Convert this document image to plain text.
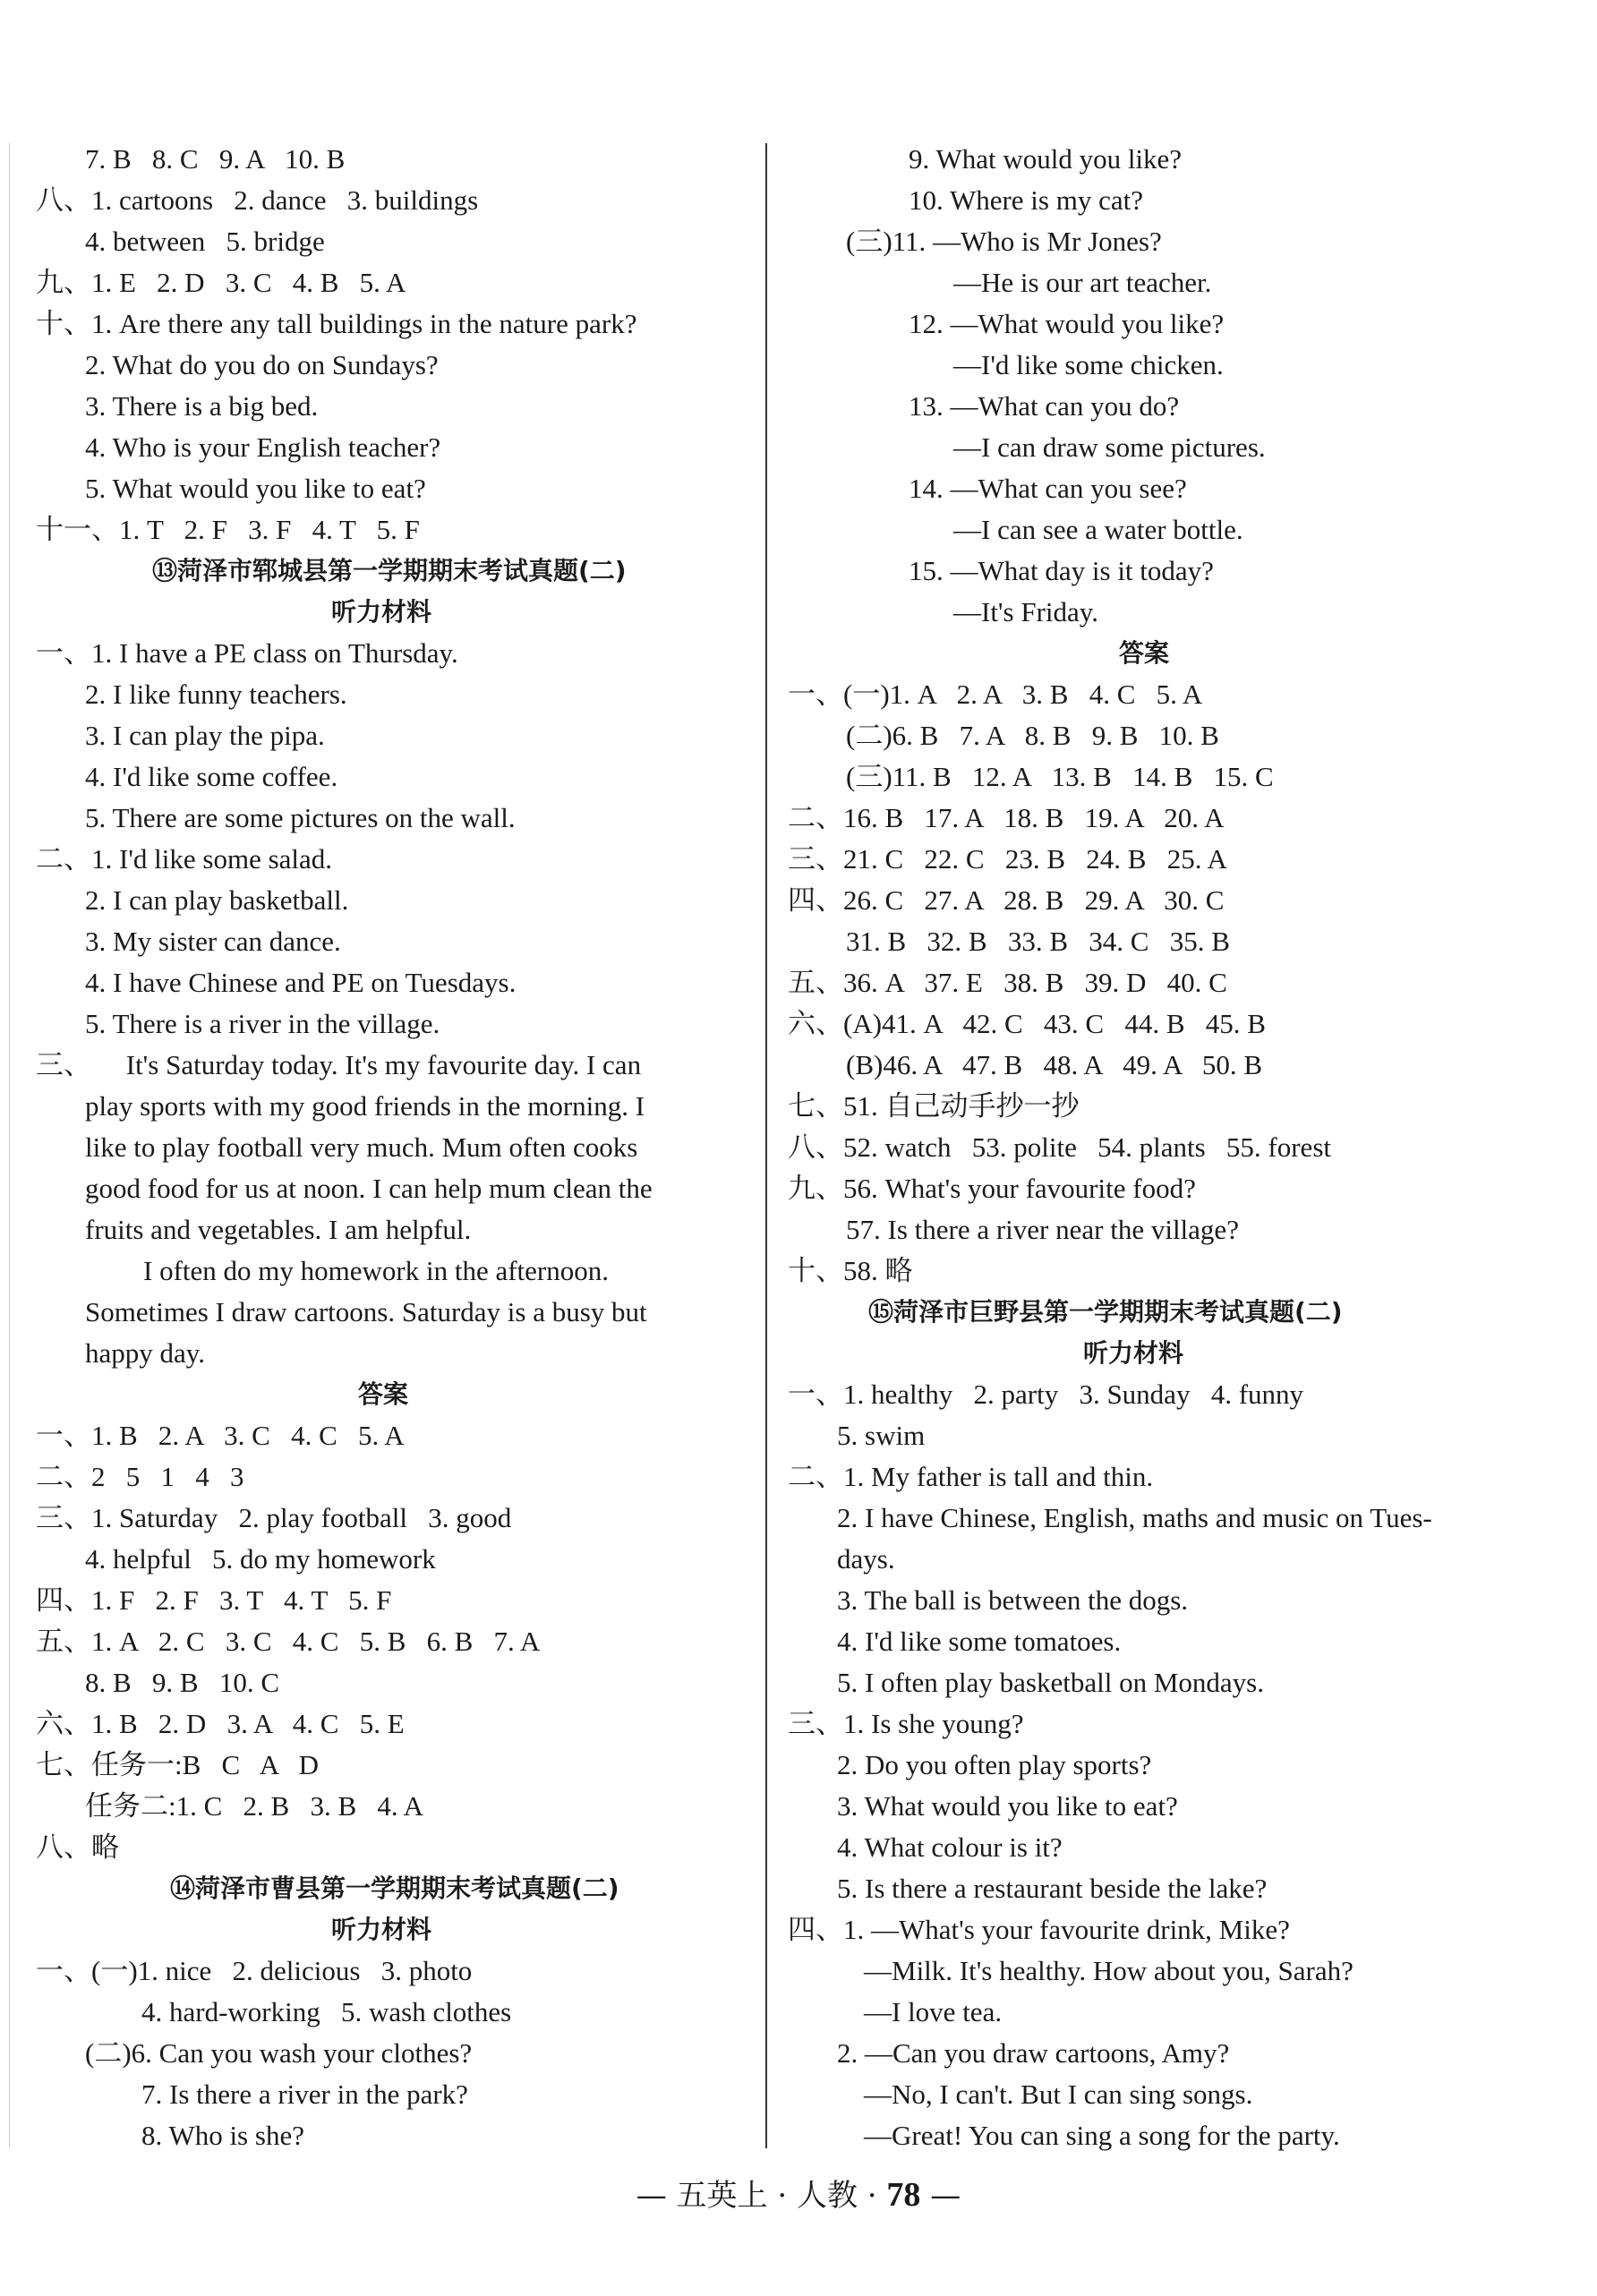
7. B   8. C   9. A   10. B
八、1. cartoons   2. dance   3. buildings
4. between   5. bridge
九、1. E   2. D   3. C   4. B   5. A
十、1. Are there any tall buildings in the nature park?
2. What do you do on Sundays?
3. There is a big bed.
4. Who is your English teacher?
5. What would you like to eat?
十一、1. T   2. F   3. F   4. T   5. F
⑬菏泽市郓城县第一学期期末考试真题(二)
听力材料
一、1. I have a PE class on Thursday.
2. I like funny teachers.
3. I can play the pipa.
4. I'd like some coffee.
5. There are some pictures on the wall.
二、1. I'd like some salad.
2. I can play basketball.
3. My sister can dance.
4. I have Chinese and PE on Tuesdays.
5. There is a river in the village.
三、     It's Saturday today. It's my favourite day. I can
play sports with my good friends in the morning. I
like to play football very much. Mum often cooks
good food for us at noon. I can help mum clean the
fruits and vegetables. I am helpful.
I often do my homework in the afternoon.
Sometimes I draw cartoons. Saturday is a busy but
happy day.
答案
一、1. B   2. A   3. C   4. C   5. A
二、2   5   1   4   3
三、1. Saturday   2. play football   3. good
4. helpful   5. do my homework
四、1. F   2. F   3. T   4. T   5. F
五、1. A   2. C   3. C   4. C   5. B   6. B   7. A
8. B   9. B   10. C
六、1. B   2. D   3. A   4. C   5. E
七、任务一:B   C   A   D
任务二:1. C   2. B   3. B   4. A
八、略
⑭菏泽市曹县第一学期期末考试真题(二)
听力材料
一、(一)1. nice   2. delicious   3. photo
4. hard-working   5. wash clothes
(二)6. Can you wash your clothes?
7. Is there a river in the park?
8. Who is she?
9. What would you like?
10. Where is my cat?
(三)11. —Who is Mr Jones?
—He is our art teacher.
12. —What would you like?
—I'd like some chicken.
13. —What can you do?
—I can draw some pictures.
14. —What can you see?
—I can see a water bottle.
15. —What day is it today?
—It's Friday.
答案
一、(一)1. A   2. A   3. B   4. C   5. A
(二)6. B   7. A   8. B   9. B   10. B
(三)11. B   12. A   13. B   14. B   15. C
二、16. B   17. A   18. B   19. A   20. A
三、21. C   22. C   23. B   24. B   25. A
四、26. C   27. A   28. B   29. A   30. C
31. B   32. B   33. B   34. C   35. B
五、36. A   37. E   38. B   39. D   40. C
六、(A)41. A   42. C   43. C   44. B   45. B
(B)46. A   47. B   48. A   49. A   50. B
七、51. 自己动手抄一抄
八、52. watch   53. polite   54. plants   55. forest
九、56. What's your favourite food?
57. Is there a river near the village?
十、58. 略
⑮菏泽市巨野县第一学期期末考试真题(二)
听力材料
一、1. healthy   2. party   3. Sunday   4. funny
5. swim
二、1. My father is tall and thin.
2. I have Chinese, English, maths and music on Tues-
days.
3. The ball is between the dogs.
4. I'd like some tomatoes.
5. I often play basketball on Mondays.
三、1. Is she young?
2. Do you often play sports?
3. What would you like to eat?
4. What colour is it?
5. Is there a restaurant beside the lake?
四、1. —What's your favourite drink, Mike?
—Milk. It's healthy. How about you, Sarah?
—I love tea.
2. —Can you draw cartoons, Amy?
—No, I can't. But I can sing songs.
—Great! You can sing a song for the party.
— 五英上 · 人教 · 78 —
